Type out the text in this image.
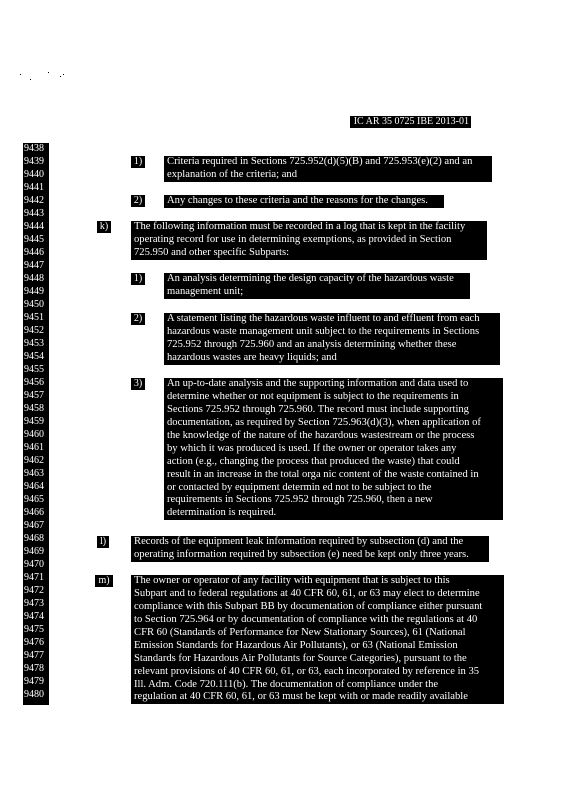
IC AR 35 0725 IBE 2013-01
9438
9439
9440
9441
9442
9443
9444
9445
9446
9447
9448
9449
9450
9451
9452
9453
9454
9455
9456
9457
9458
9459
9460
9461
9462
9463
9464
9465
9466
9467
9468
9469
9470
9471
9472
9473
9474
9475
9476
9477
9478
9479
9480
1)
2)
k)
1)
2)
3)
l)
m)
Criteria required in Sections 725.952(d)(5)(B) and 725.953(e)(2) and an
explanation of the criteria; and
Any changes to these criteria and the reasons for the changes.
The following information must be recorded in a log that is kept in the facility
operating record for use in determining exemptions, as provided in Section
725.950 and other specific Subparts:
An analysis determining the design capacity of the hazardous waste
management unit;
A statement listing the hazardous waste influent to and effluent from each
hazardous waste management unit subject to the requirements in Sections
725.952 through 725.960 and an analysis determining whether these
hazardous wastes are heavy liquids; and
An up-to-date analysis and the supporting information and data used to
determine whether or not equipment is subject to the requirements in
Sections 725.952 through 725.960. The record must include supporting
documentation, as required by Section 725.963(d)(3), when application of
the knowledge of the nature of the hazardous wastestream or the process
by which it was produced is used. If the owner or operator takes any
action (e.g., changing the process that produced the waste) that could
result in an increase in the total orga nic content of the waste contained in
or contacted by equipment determin ed not to be subject to the
requirements in Sections 725.952 through 725.960, then a new
determination is required.
Records of the equipment leak information required by subsection (d) and the
operating information required by subsection (e) need be kept only three years.
The owner or operator of any facility with equipment that is subject to this
Subpart and to federal regulations at 40 CFR 60, 61, or 63 may elect to determine
compliance with this Subpart BB by documentation of compliance either pursuant
to Section 725.964 or by documentation of compliance with the regulations at 40
CFR 60 (Standards of Performance for New Stationary Sources), 61 (National
Emission Standards for Hazardous Air Pollutants), or 63 (National Emission
Standards for Hazardous Air Pollutants for Source Categories), pursuant to the
relevant provisions of 40 CFR 60, 61, or 63, each incorporated by reference in 35
Ill. Adm. Code 720.111(b). The documentation of compliance under the
regulation at 40 CFR 60, 61, or 63 must be kept with or made readily available
